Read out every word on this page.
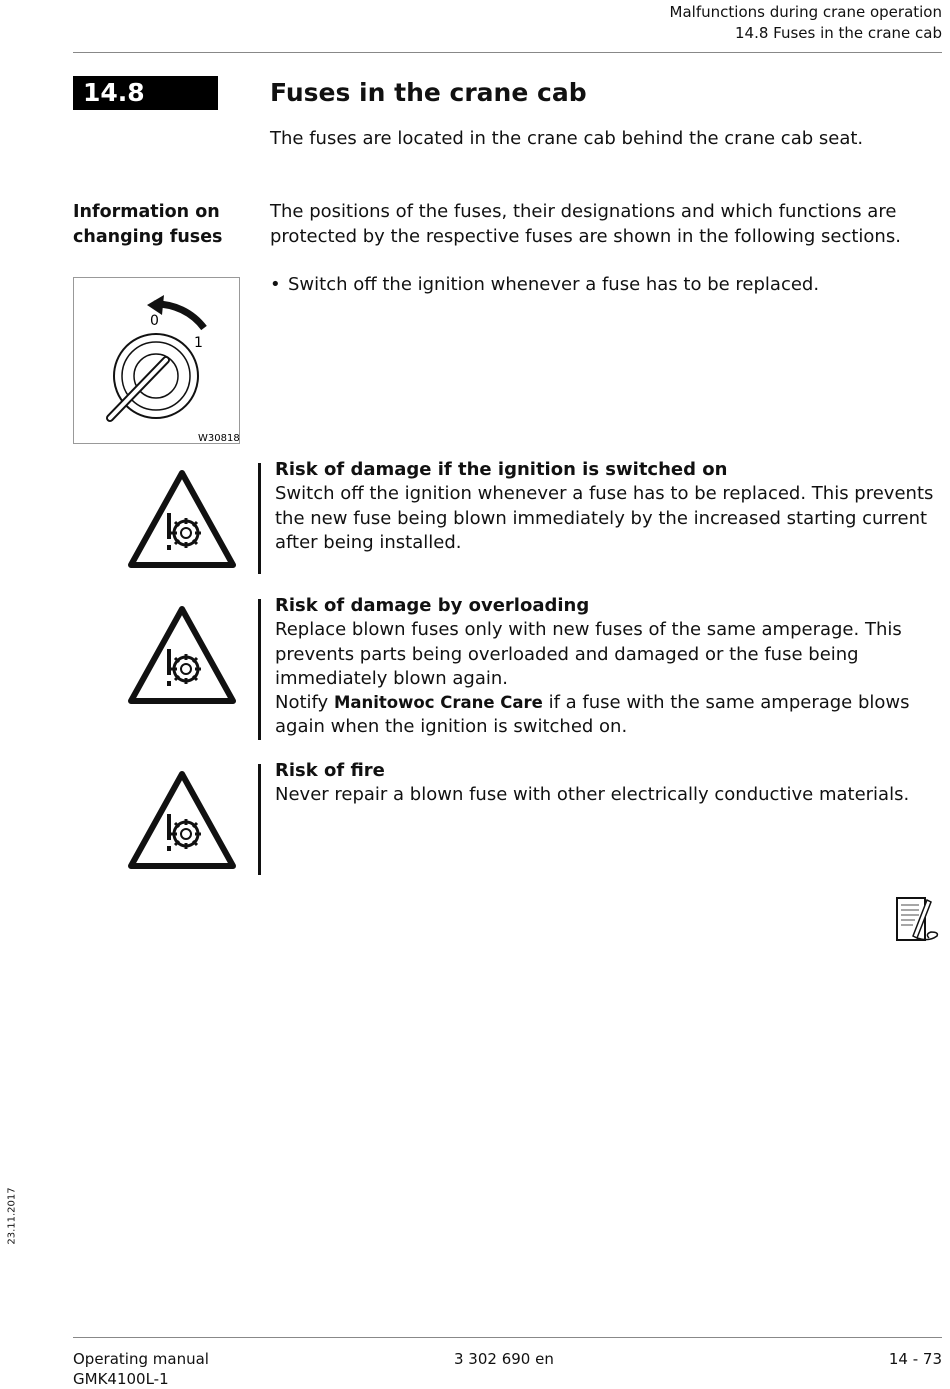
Malfunctions during crane operation
14.8 Fuses in the crane cab
14.8	Fuses in the crane cab
The fuses are located in the crane cab behind the crane cab seat.
Information on
changing fuses
The positions of the fuses, their designations and which functions are protected by the respective fuses are shown in the following sections.
• Switch off the ignition whenever a fuse has to be replaced.
0
1
W30818
Risk of damage if the ignition is switched on
Switch off the ignition whenever a fuse has to be replaced. This prevents the new fuse being blown immediately by the increased starting current after being installed.
Risk of damage by overloading
Replace blown fuses only with new fuses of the same amperage. This prevents parts being overloaded and damaged or the fuse being immediately blown again.
Notify Manitowoc Crane Care if a fuse with the same amperage blows again when the ignition is switched on.
Risk of fire
Never repair a blown fuse with other electrically conductive materials.
23.11.2017
Operating manual
GMK4100L-1
3 302 690 en	14 - 73
